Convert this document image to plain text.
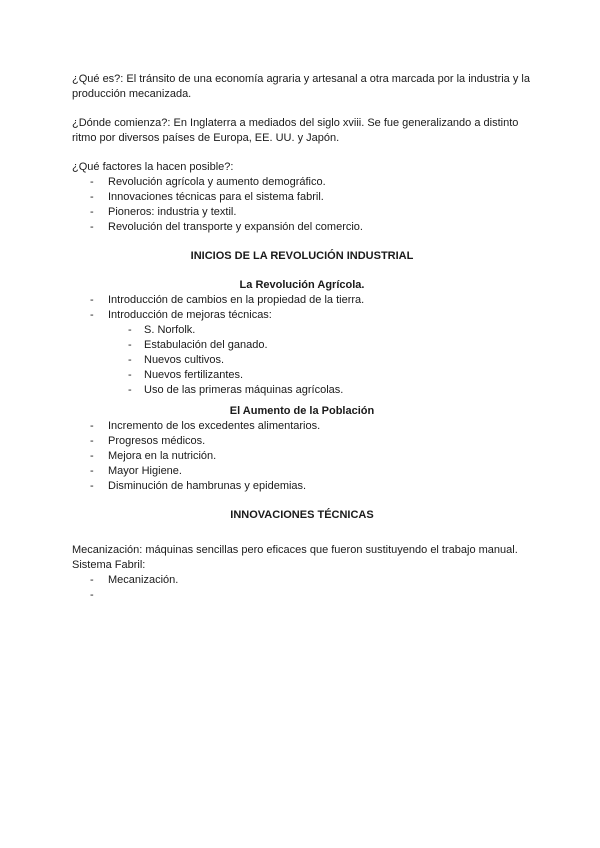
¿Qué es?: El tránsito de una economía agraria y artesanal a otra marcada por la industria y la producción mecanizada.

¿Dónde comienza?: En Inglaterra a mediados del siglo xviii. Se fue generalizando a distinto ritmo por diversos países de Europa, EE. UU. y Japón.

¿Qué factores la hacen posible?:

- Revolución agrícola y aumento demográfico.
- Innovaciones técnicas para el sistema fabril.
- Pioneros: industria y textil.
- Revolución del transporte y expansión del comercio.

INICIOS DE LA REVOLUCIÓN INDUSTRIAL

La Revolución Agrícola.

- Introducción de cambios en la propiedad de la tierra.
- Introducción de mejoras técnicas:
- S. Norfolk.
- Estabulación del ganado.
- Nuevos cultivos.
- Nuevos fertilizantes.
- Uso de las primeras máquinas agrícolas.

El Aumento de la Población

- Incremento de los excedentes alimentarios.
- Progresos médicos.
- Mejora en la nutrición.
- Mayor Higiene.
- Disminución de hambrunas y epidemias.

INNOVACIONES TÉCNICAS

Mecanización: máquinas sencillas pero eficaces que fueron sustituyendo el trabajo manual.

Sistema Fabril:

- Mecanización.
